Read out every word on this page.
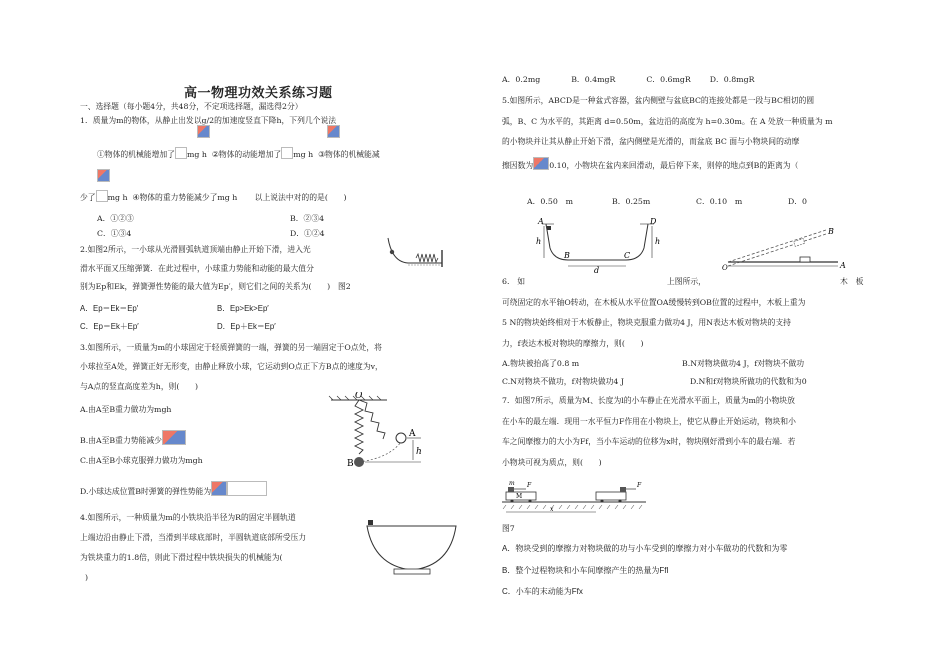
高一物理功效关系练习题
一、选择题（每小题4分，共48分，不定项选择题，漏选得2分）
1．质量为m的物体，从静止出发以g/2的加速度竖直下降h，下列几个说法
①物体的机械能增加了 mg h ②物体的动能增加了 mg h ③物体的机械能减
少了 mg h ④物体的重力势能减少了mg h 以上说法中对的的是(　　)
A．①②③	B．②③4
C．①③4	D．①②4
2.如图2所示，一小球从光滑圆弧轨道顶端由静止开始下滑，进入光
滑水平面又压缩弹簧．在此过程中，小球重力势能和动能的最大值分
别为Ep和Ek，弹簧弹性势能的最大值为Ep′，则它们之间的关系为(　　)　图2
A．Ep＝Ek＝Ep′	B．Ep>Ek>Ep′
C．Ep＝Ek＋Ep′	D．Ep＋Ek＝Ep′
3.如图所示，一质量为m的小球固定于轻质弹簧的一端，弹簧的另一端固定于O点处，将
小球拉至A处，弹簧正好无形变，由静止释放小球，它运动到O点正下方B点的速度为v，
与A点的竖直高度差为h，则(　　)
A.由A至B重力做功为mgh
B.由A至B重力势能减少
C.由A至B小球克服弹力做功为mgh
D.小球达成位置B时弹簧的弹性势能为
O
A
B
h
4.如图所示，一种质量为m的小铁块沿半径为R的固定半圆轨道
上端边沿由静止下滑，当滑到半球底部时，半圆轨道底部所受压力
为铁块重力的1.8倍，则此下滑过程中铁块损失的机械能为(
)
A．0.2mg	B．0.4mgR	C．0.6mgR D．0.8mgR
5.如图所示，ABCD是一种盆式容器，盆内侧壁与盆底BC的连接处都是一段与BC相切的圆
弧，B、C 为水平的，其距离 d=0.50m，盆边沿的高度为 h=0.30m。在 A 处放一种质量为 m
的小物块并让其从静止开始下滑，盆内侧壁是光滑的，而盆底 BC 面与小物块间的动摩
擦因数为 0.10，小物块在盆内来回滑动，最后停下来，则停的地点到B的距离为（
A．0.50　m	B．0.25m	C．0.10　m	D．0
A	D
B	C
h	h
d
B
O	A
6.　如	上图所示，	木　板
可绕固定的水平轴O转动，在木板从水平位置OA缓慢转到OB位置的过程中，木板上重为
5 N的物块始终相对于木板静止，物块克服重力做功4 J，用N表达木板对物块的支持
力，f表达木板对物块的摩擦力，则(　　)
A.物块被抬高了0.8 m	B.N对物块做功4 J，f对物块不做功
C.N对物块不做功，f对物块做功4 J	D.N和f对物块所做功的代数和为0
7．如图7所示，质量为M、长度为l的小车静止在光滑水平面上，质量为m的小物块放
在小车的最左端．现用一水平恒力F作用在小物块上，使它从静止开始运动，物块和小
车之间摩擦力的大小为Ff，当小车运动的位移为x时，物块刚好滑到小车的最右端．若
小物块可视为质点，则(　　)
M
m F	F
x
图7
A．物块受到的摩擦力对物块做的功与小车受到的摩擦力对小车做功的代数和为零
B．整个过程物块和小车间摩擦产生的热量为Ffl
C．小车的末动能为Ffx
